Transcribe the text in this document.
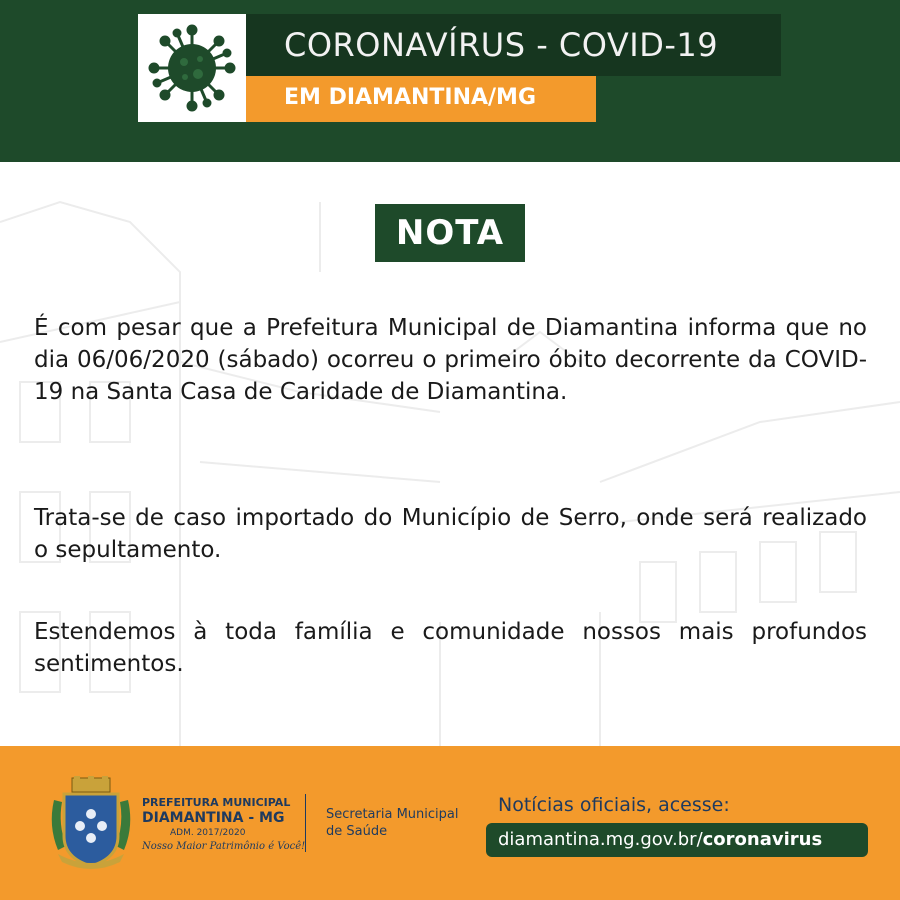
CORONAVÍRUS - COVID-19
EM DIAMANTINA/MG
NOTA

É com pesar que a Prefeitura Municipal de Diamantina informa que no dia 06/06/2020 (sábado) ocorreu o primeiro óbito decorrente da COVID-19 na Santa Casa de Caridade de Diamantina.

Trata-se de caso importado do Município de Serro, onde será realizado o sepultamento.

Estendemos à toda família e comunidade nossos mais profundos sentimentos.

PREFEITURA MUNICIPAL
DIAMANTINA - MG
ADM. 2017/2020
Nosso Maior Patrimônio é Você!
Secretaria Municipal de Saúde
Notícias oficiais, acesse:
diamantina.mg.gov.br/coronavirus
